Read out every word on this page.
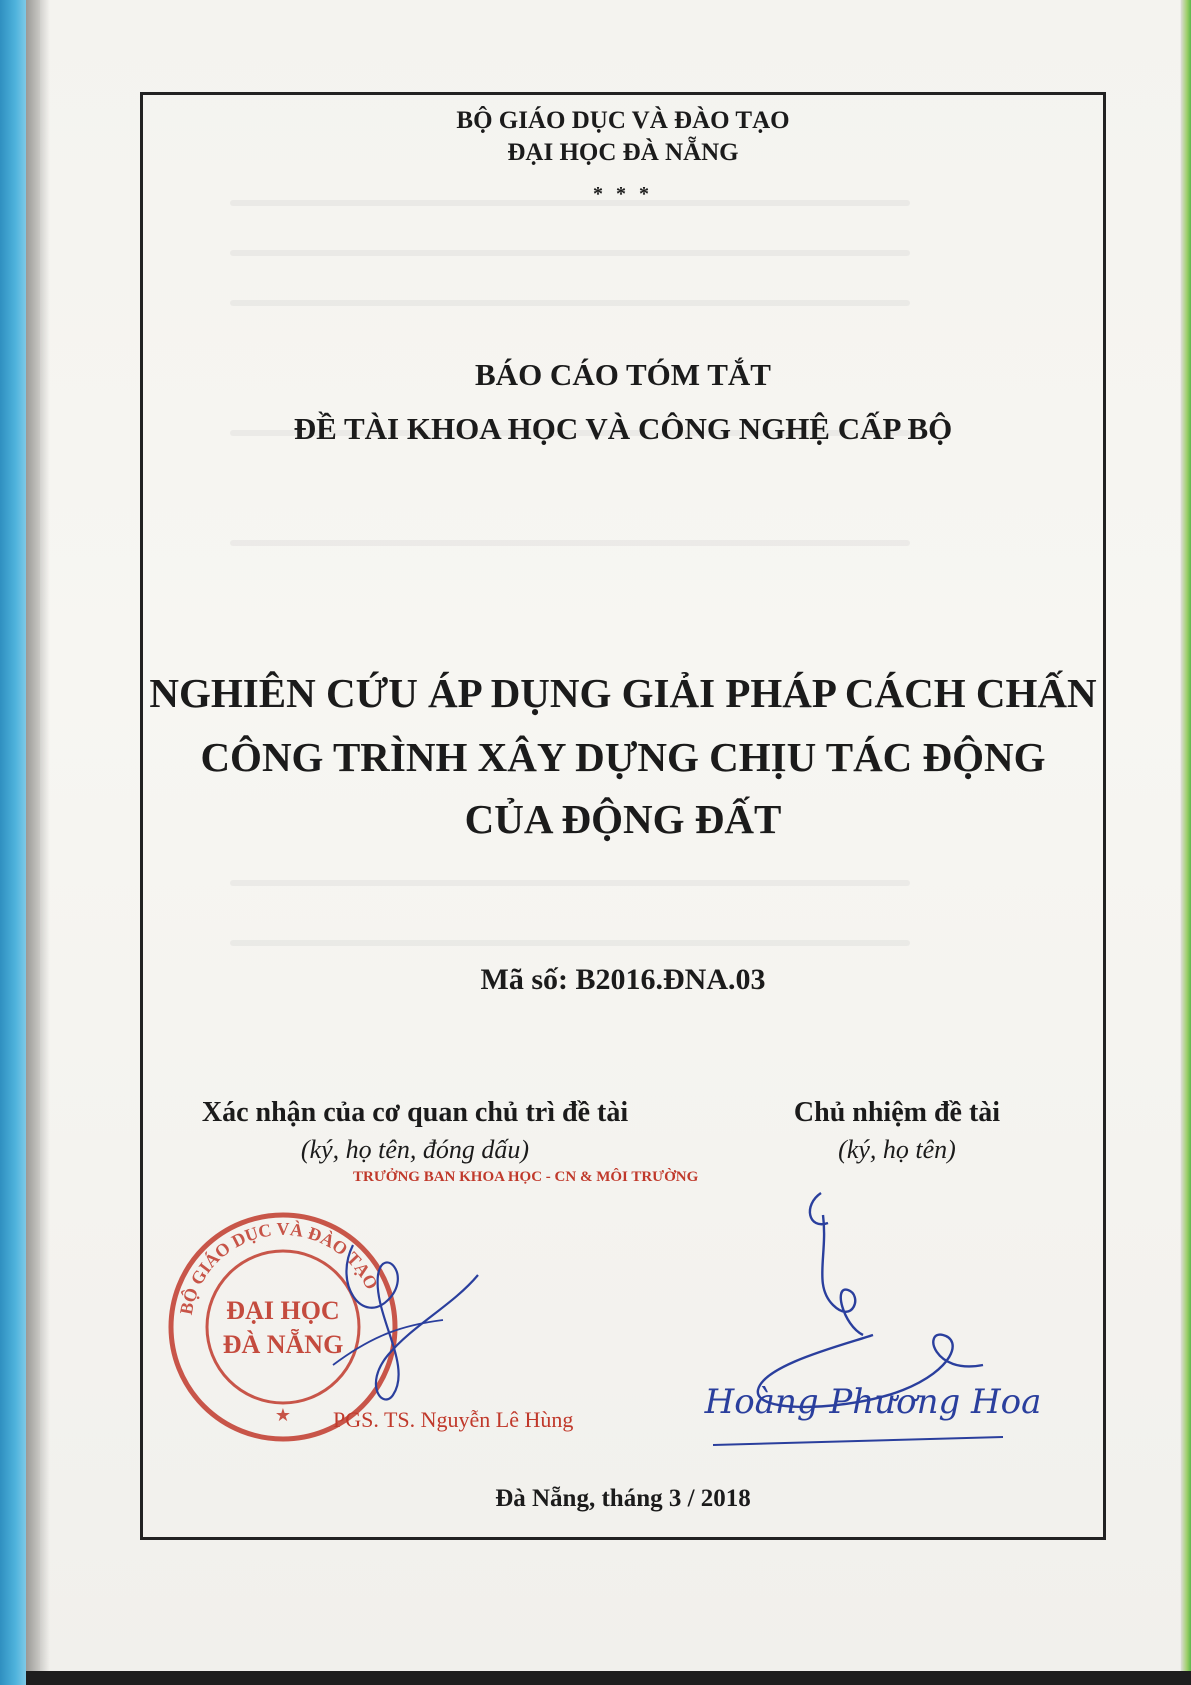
BỘ GIÁO DỤC VÀ ĐÀO TẠO
ĐẠI HỌC ĐÀ NẴNG
* * *
BÁO CÁO TÓM TẮT
ĐỀ TÀI KHOA HỌC VÀ CÔNG NGHỆ CẤP BỘ
NGHIÊN CỨU ÁP DỤNG GIẢI PHÁP CÁCH CHẤN
CÔNG TRÌNH XÂY DỰNG CHỊU TÁC ĐỘNG
CỦA ĐỘNG ĐẤT
Mã số: B2016.ĐNA.03
Xác nhận của cơ quan chủ trì đề tài
(ký, họ tên, đóng dấu)
TRƯỞNG BAN KHOA HỌC - CN & MÔI TRƯỜNG
BỘ GIÁO DỤC VÀ ĐÀO TẠO
ĐẠI HỌC
ĐÀ NẴNG
★ PGS. TS. Nguyễn Lê Hùng
Chủ nhiệm đề tài
(ký, họ tên)
Hoàng Phương Hoa
Đà Nẵng, tháng 3 / 2018
